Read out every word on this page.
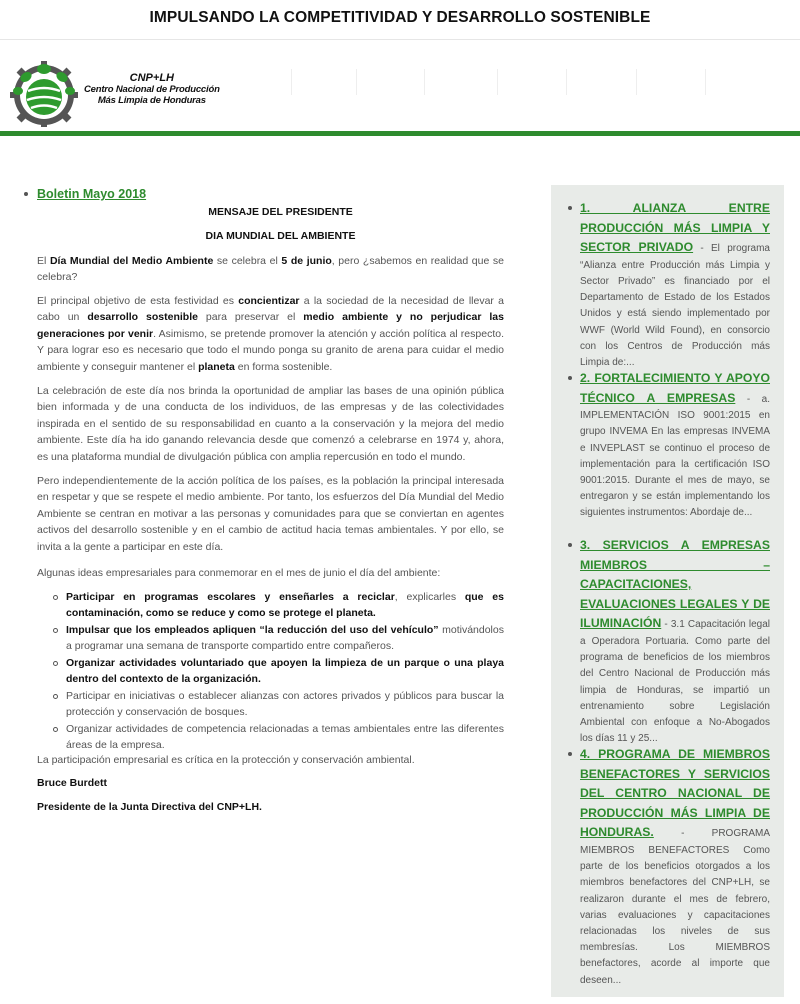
IMPULSANDO LA COMPETITIVIDAD Y DESARROLLO SOSTENIBLE
CNP+LH
Centro Nacional de Producción
Más Limpia de Honduras
Boletin Mayo 2018
MENSAJE DEL PRESIDENTE
DIA MUNDIAL DEL AMBIENTE

El Día Mundial del Medio Ambiente se celebra el 5 de junio, pero ¿sabemos en realidad que se celebra?

El principal objetivo de esta festividad es concientizar a la sociedad de la necesidad de llevar a cabo un desarrollo sostenible para preservar el medio ambiente y no perjudicar las generaciones por venir. Asimismo, se pretende promover la atención y acción política al respecto. Y para lograr eso es necesario que todo el mundo ponga su granito de arena para cuidar el medio ambiente y conseguir mantener el planeta en forma sostenible.

La celebración de este día nos brinda la oportunidad de ampliar las bases de una opinión pública bien informada y de una conducta de los individuos, de las empresas y de las colectividades inspirada en el sentido de su responsabilidad en cuanto a la conservación y la mejora del medio ambiente. Este día ha ido ganando relevancia desde que comenzó a celebrarse en 1974 y, ahora, es una plataforma mundial de divulgación pública con amplia repercusión en todo el mundo.

Pero independientemente de la acción política de los países, es la población la principal interesada en respetar y que se respete el medio ambiente. Por tanto, los esfuerzos del Día Mundial del Medio Ambiente se centran en motivar a las personas y comunidades para que se conviertan en agentes activos del desarrollo sostenible y en el cambio de actitud hacia temas ambientales. Y por ello, se invita a la gente a participar en este día.

Algunas ideas empresariales para conmemorar en el mes de junio el día del ambiente:

Participar en programas escolares y enseñarles a reciclar, explicarles que es contaminación, como se reduce y como se protege el planeta.
Impulsar que los empleados apliquen “la reducción del uso del vehículo” motivándolos a programar una semana de transporte compartido entre compañeros.
Organizar actividades voluntariado que apoyen la limpieza de un parque o una playa dentro del contexto de la organización.
Participar en iniciativas o establecer alianzas con actores privados y públicos para buscar la protección y conservación de bosques.
Organizar actividades de competencia relacionadas a temas ambientales entre las diferentes áreas de la empresa.

La participación empresarial es crítica en la protección y conservación ambiental.

Bruce Burdett
Presidente de la Junta Directiva del CNP+LH.
1. ALIANZA ENTRE PRODUCCIÓN MÁS LIMPIA Y SECTOR PRIVADO - El programa “Alianza entre Producción más Limpia y Sector Privado” es financiado por el Departamento de Estado de los Estados Unidos y está siendo implementado por WWF (World Wild Found), en consorcio con los Centros de Producción más Limpia de:...
2. FORTALECIMIENTO Y APOYO TÉCNICO A EMPRESAS - a. IMPLEMENTACIÓN ISO 9001:2015 en grupo INVEMA En las empresas INVEMA e INVEPLAST se continuo el proceso de implementación para la certificación ISO 9001:2015. Durante el mes de mayo, se entregaron y se están implementando los siguientes instrumentos: Abordaje de...
3. SERVICIOS A EMPRESAS MIEMBROS – CAPACITACIONES, EVALUACIONES LEGALES Y DE ILUMINACIÓN - 3.1 Capacitación legal a Operadora Portuaria. Como parte del programa de beneficios de los miembros del Centro Nacional de Producción más limpia de Honduras, se impartió un entrenamiento sobre Legislación Ambiental con enfoque a No-Abogados los días 11 y 25...
4. PROGRAMA DE MIEMBROS BENEFACTORES Y SERVICIOS DEL CENTRO NACIONAL DE PRODUCCIÓN MÁS LIMPIA DE HONDURAS. - PROGRAMA MIEMBROS BENEFACTORES Como parte de los beneficios otorgados a los miembros benefactores del CNP+LH, se realizaron durante el mes de febrero, varias evaluaciones y capacitaciones relacionadas los niveles de sus membresías. Los MIEMBROS benefactores, acorde al importe que deseen...
